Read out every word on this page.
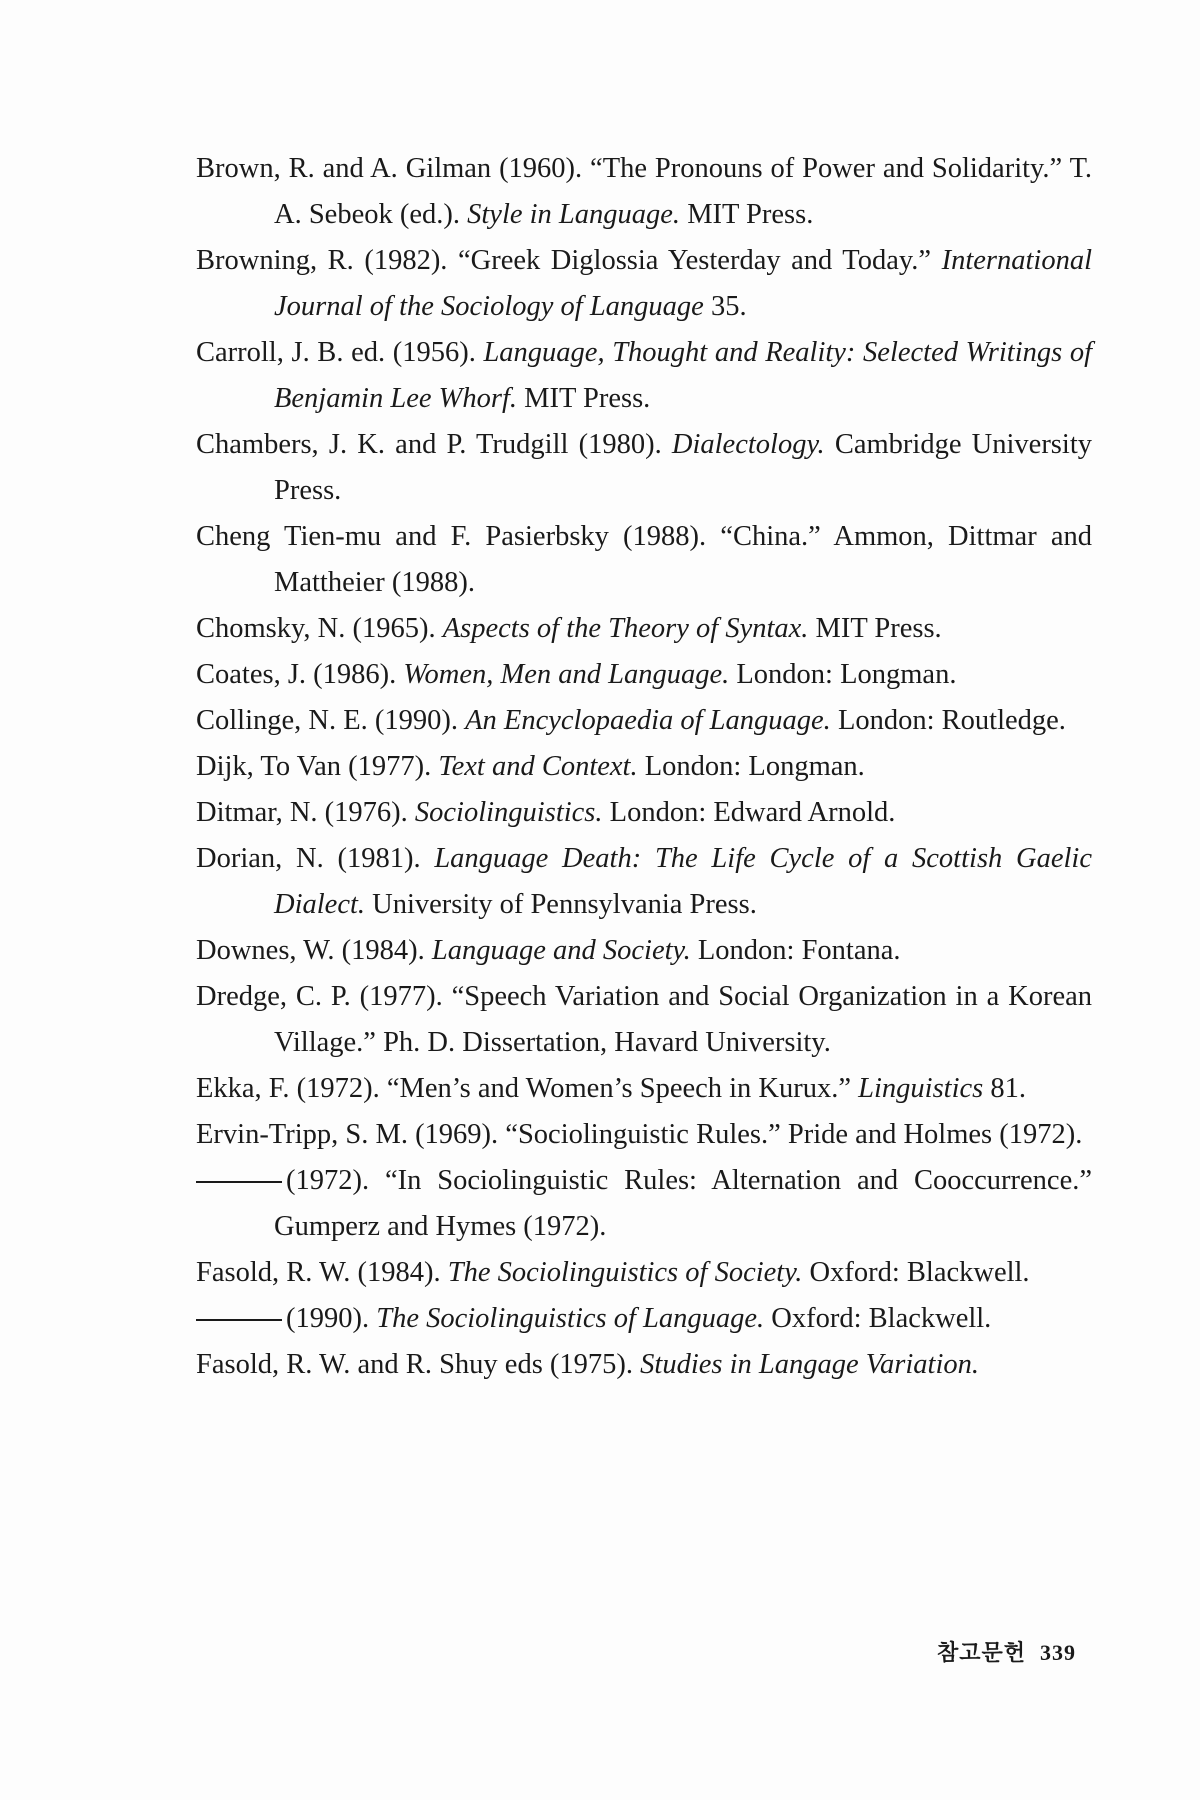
Brown, R. and A. Gilman (1960). “The Pronouns of Power and Solidarity.” T. A. Sebeok (ed.). Style in Language. MIT Press.
Browning, R. (1982). “Greek Diglossia Yesterday and Today.” International Journal of the Sociology of Language 35.
Carroll, J. B. ed. (1956). Language, Thought and Reality: Selected Writings of Benjamin Lee Whorf. MIT Press.
Chambers, J. K. and P. Trudgill (1980). Dialectology. Cambridge University Press.
Cheng Tien-mu and F. Pasierbsky (1988). “China.” Ammon, Dittmar and Mattheier (1988).
Chomsky, N. (1965). Aspects of the Theory of Syntax. MIT Press.
Coates, J. (1986). Women, Men and Language. London: Longman.
Collinge, N. E. (1990). An Encyclopaedia of Language. London: Routledge.
Dijk, To Van (1977). Text and Context. London: Longman.
Ditmar, N. (1976). Sociolinguistics. London: Edward Arnold.
Dorian, N. (1981). Language Death: The Life Cycle of a Scottish Gaelic Dialect. University of Pennsylvania Press.
Downes, W. (1984). Language and Society. London: Fontana.
Dredge, C. P. (1977). “Speech Variation and Social Organization in a Korean Village.” Ph. D. Dissertation, Havard University.
Ekka, F. (1972). “Men’s and Women’s Speech in Kurux.” Linguistics 81.
Ervin-Tripp, S. M. (1969). “Sociolinguistic Rules.” Pride and Holmes (1972).
(1972). “In Sociolinguistic Rules: Alternation and Cooccurrence.” Gumperz and Hymes (1972).
Fasold, R. W. (1984). The Sociolinguistics of Society. Oxford: Blackwell.
(1990). The Sociolinguistics of Language. Oxford: Blackwell.
Fasold, R. W. and R. Shuy eds (1975). Studies in Langage Variation.
참고문헌 339
